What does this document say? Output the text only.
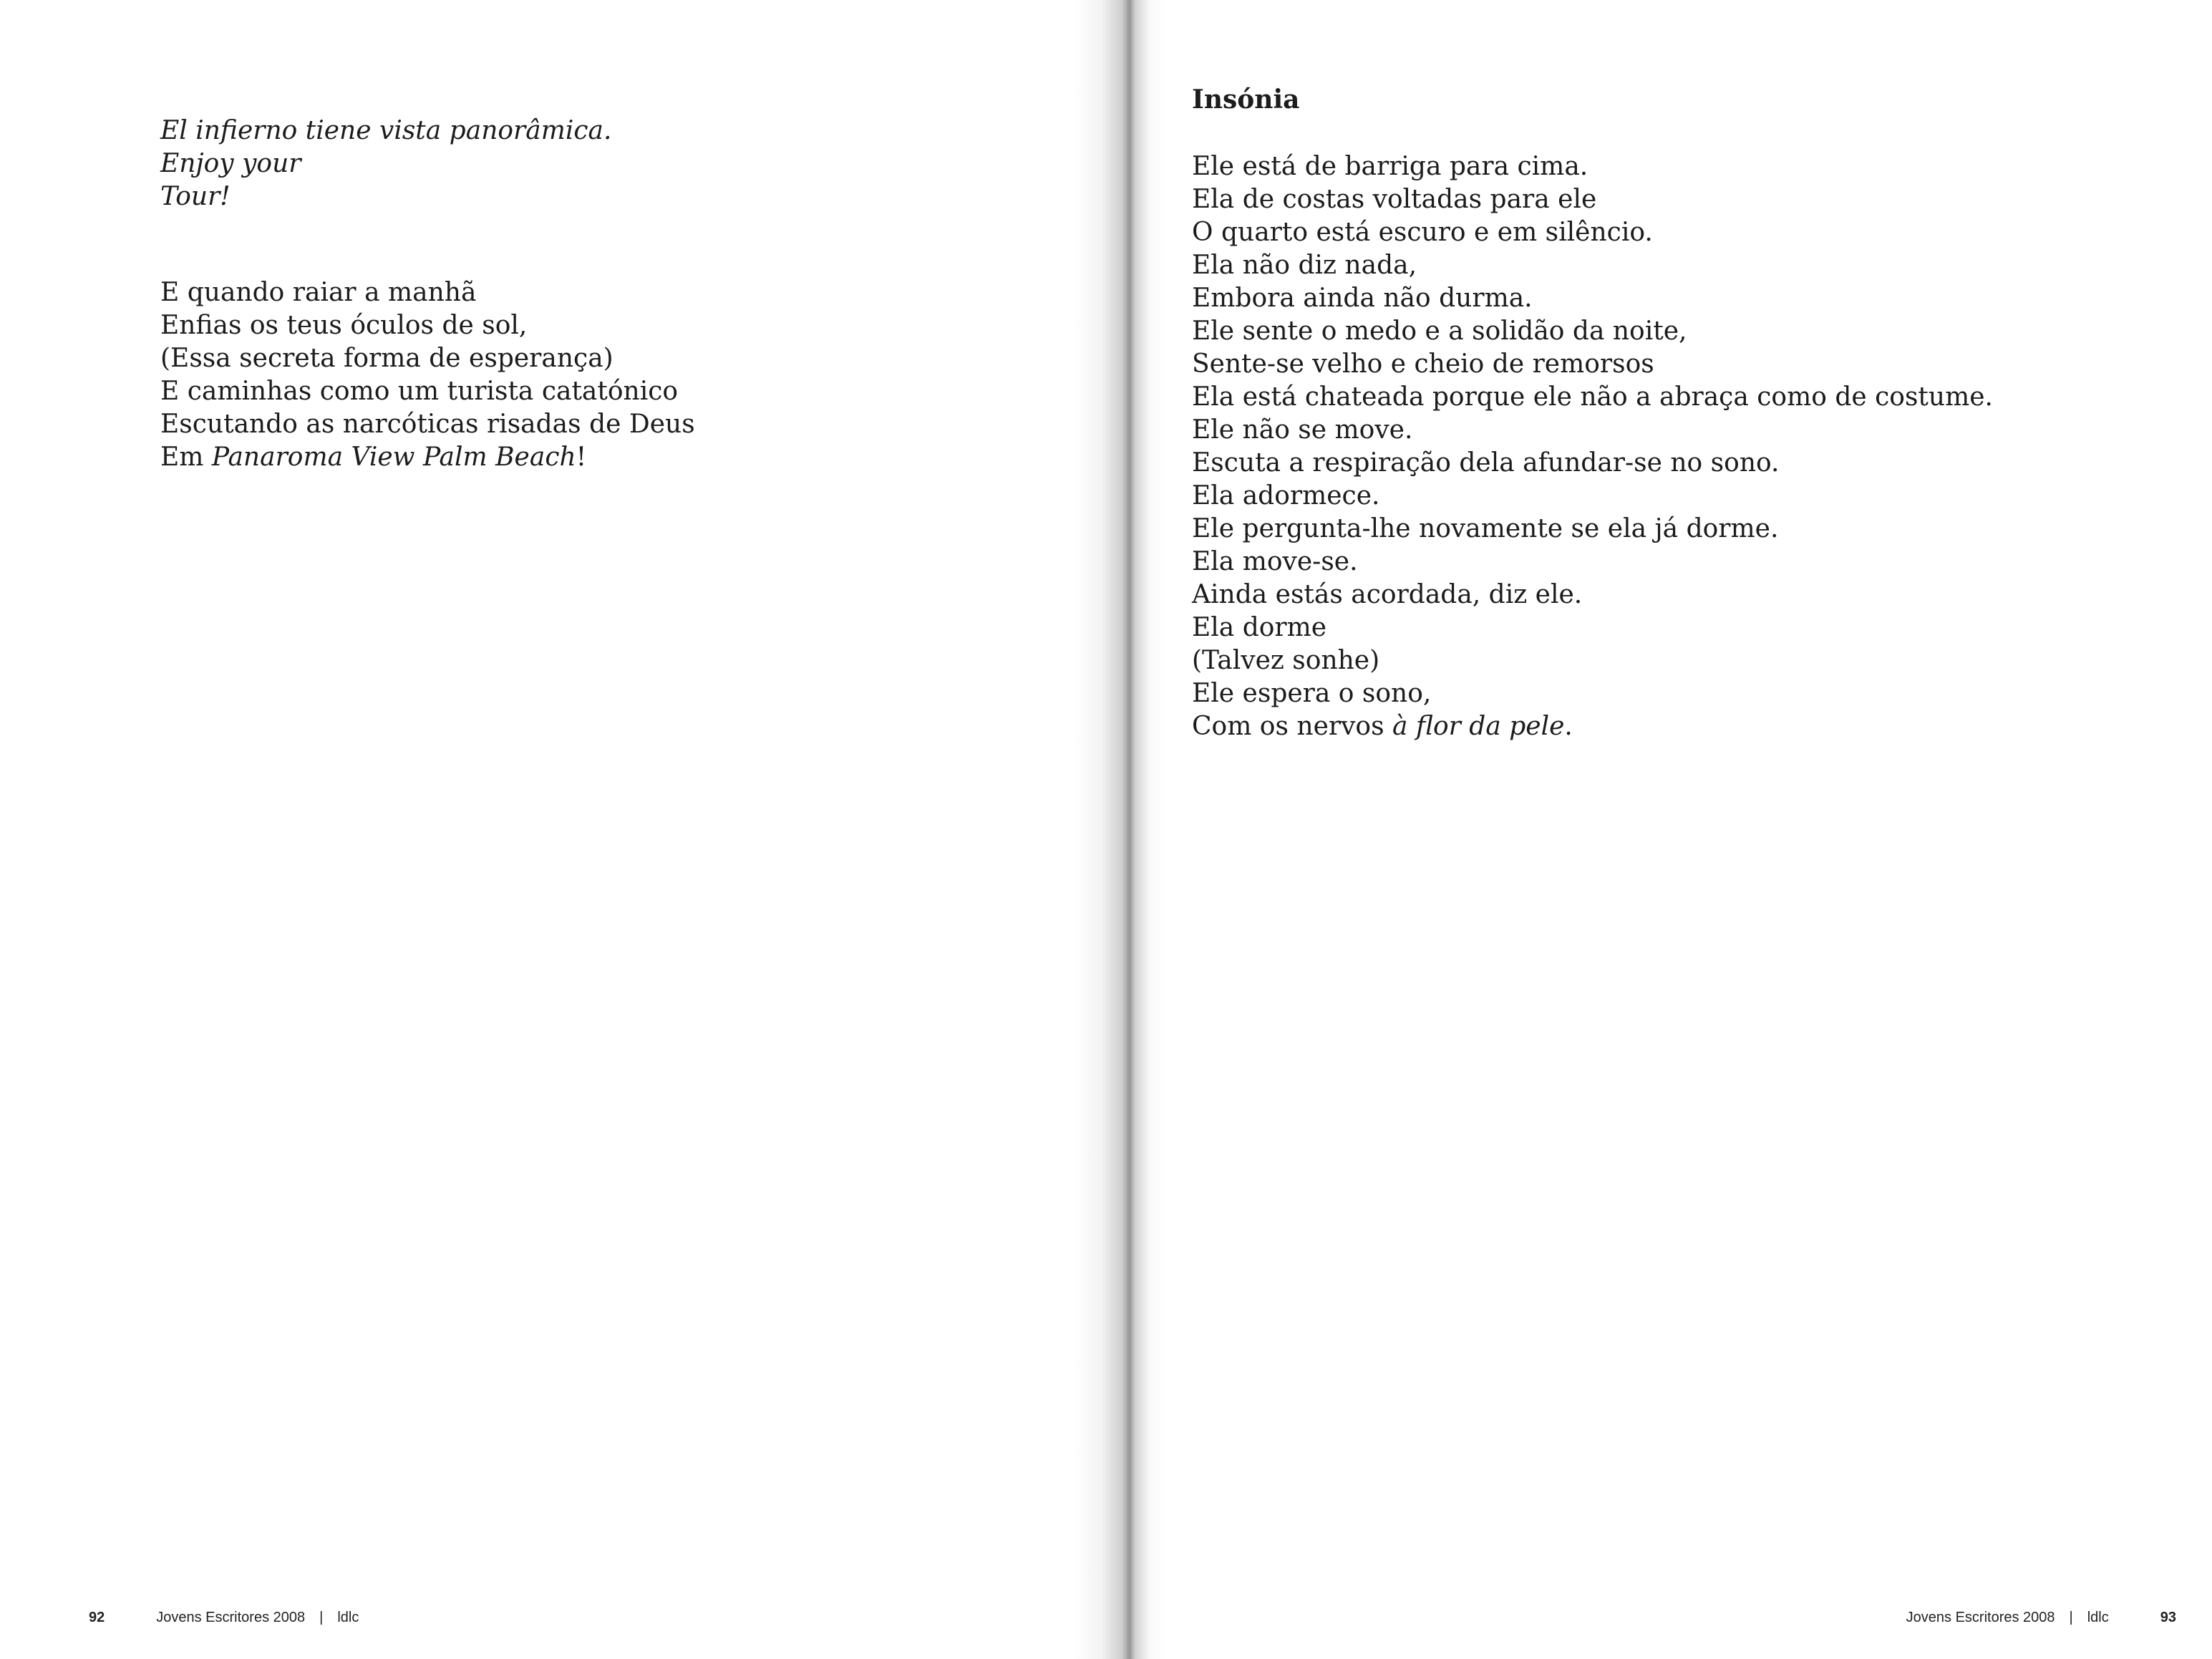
El infierno tiene vista panorâmica.
Enjoy your
Tour!
E quando raiar a manhã
Enfias os teus óculos de sol,
(Essa secreta forma de esperança)
E caminhas como um turista catatónico
Escutando as narcóticas risadas de Deus
Em Panaroma View Palm Beach!
92	Jovens Escritores 2008 | ldlc	Jovens Escritores 2008 | ldlc	93
Insónia
Ele está de barriga para cima.
Ela de costas voltadas para ele
O quarto está escuro e em silêncio.
Ela não diz nada,
Embora ainda não durma.
Ele sente o medo e a solidão da noite,
Sente-se velho e cheio de remorsos
Ela está chateada porque ele não a abraça como de costume.
Ele não se move.
Escuta a respiração dela afundar-se no sono.
Ela adormece.
Ele pergunta-lhe novamente se ela já dorme.
Ela move-se.
Ainda estás acordada, diz ele.
Ela dorme
(Talvez sonhe)
Ele espera o sono,
Com os nervos à flor da pele.
